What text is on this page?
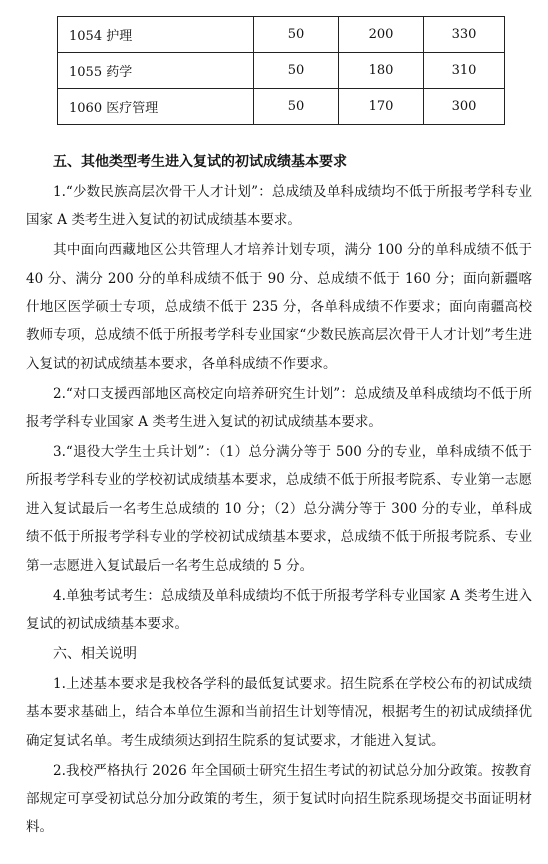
1054 护理	50	200	330
1055 药学	50	180	310
1060 医疗管理	50	170	300

五、其他类型考生进入复试的初试成绩基本要求

1.“少数民族高层次骨干人才计划”：总成绩及单科成绩均不低于所报考学科专业国家 A 类考生进入复试的初试成绩基本要求。

其中面向西藏地区公共管理人才培养计划专项，满分 100 分的单科成绩不低于 40 分、满分 200 分的单科成绩不低于 90 分、总成绩不低于 160 分；面向新疆喀什地区医学硕士专项，总成绩不低于 235 分，各单科成绩不作要求；面向南疆高校教师专项，总成绩不低于所报考学科专业国家“少数民族高层次骨干人才计划”考生进入复试的初试成绩基本要求，各单科成绩不作要求。

2.“对口支援西部地区高校定向培养研究生计划”：总成绩及单科成绩均不低于所报考学科专业国家 A 类考生进入复试的初试成绩基本要求。

3.“退役大学生士兵计划”：（1）总分满分等于 500 分的专业，单科成绩不低于所报考学科专业的学校初试成绩基本要求，总成绩不低于所报考院系、专业第一志愿进入复试最后一名考生总成绩的 10 分；（2）总分满分等于 300 分的专业，单科成绩不低于所报考学科专业的学校初试成绩基本要求，总成绩不低于所报考院系、专业第一志愿进入复试最后一名考生总成绩的 5 分。

4.单独考试考生：总成绩及单科成绩均不低于所报考学科专业国家 A 类考生进入复试的初试成绩基本要求。

六、相关说明

1.上述基本要求是我校各学科的最低复试要求。招生院系在学校公布的初试成绩基本要求基础上，结合本单位生源和当前招生计划等情况，根据考生的初试成绩择优确定复试名单。考生成绩须达到招生院系的复试要求，才能进入复试。

2.我校严格执行 2026 年全国硕士研究生招生考试的初试总分加分政策。按教育部规定可享受初试总分加分政策的考生，须于复试时向招生院系现场提交书面证明材料。
